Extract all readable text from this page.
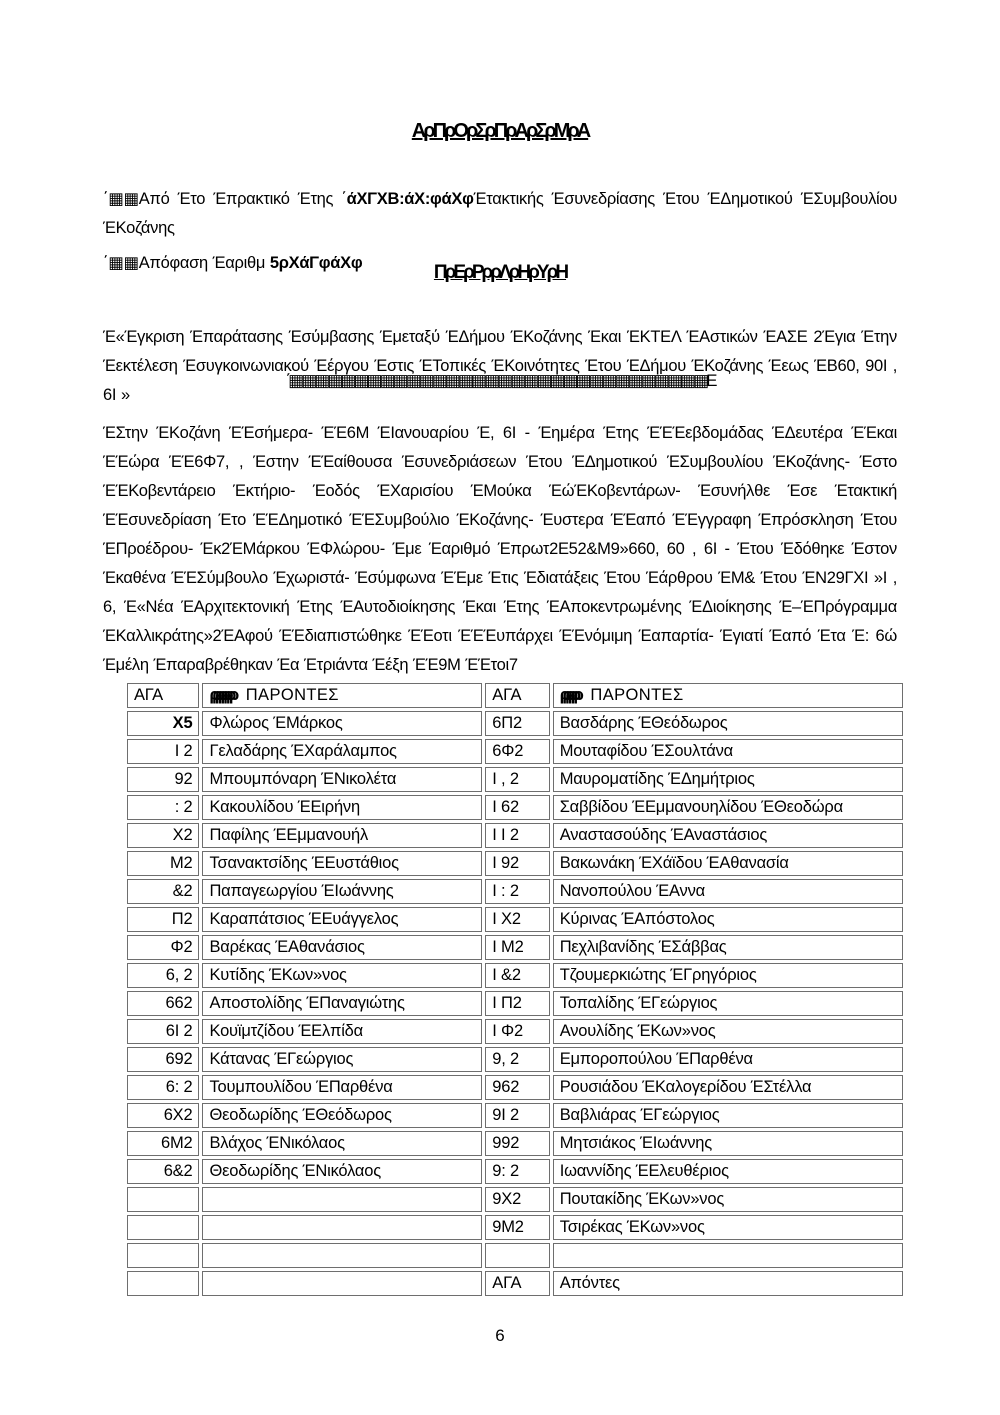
ΑρΠρΟρΣρΠρΑρΣρΜρΑ

΄▦▦Από Έτο Έπρακτικό Έτης ΄άΧΓΧΒ:άΧ:φάΧφΈτακτικής Έσυνεδρίασης Έτου ΈΔημοτικού ΈΣυμβουλίου ΈΚοζάνης

΄▦▦Απόφαση Έαριθμ 5ρΧάΓφάΧφ	ΠρΕρΡρρΛρΗρΥρΗ

Έ«Έγκριση Έπαράτασης Έσύμβασης Έμεταξύ ΈΔήμου ΈΚοζάνης Έκαι ΈΚΤΕΛ ΈΑστικών ΈΑΣΕ 2Έγια Έτην Έεκτέλεση Έσυγκοινωνιακού Έέργου Έστις ΈΤοπικές ΈΚοινότητες Έτου ΈΔήμου ΈΚοζάνης Έεως ΈΒ60, 90Ι , 6Ι »

΄▦▦▦▦▦▦▦▦▦▦▦▦▦▦▦▦▦▦▦▦▦▦▦▦▦▦▦▦▦▦▦▦Ε

ΈΣτην ΈΚοζάνη ΈΈσήμερα- ΈΈ6Μ ΈΙανουαρίου Έ, 6Ι - Έημέρα Έτης ΈΈΈεβδομάδας ΈΔευτέρα ΈΈκαι ΈΈώρα ΈΈ6Φ7, , Έστην ΈΈαίθουσα Έσυνεδριάσεων Έτου ΈΔημοτικού ΈΣυμβουλίου ΈΚοζάνης- Έστο ΈΈΚοβεντάρειο Έκτήριο- Έοδός ΈΧαρισίου ΈΜούκα ΈώΈΚοβεντάρων- Έσυνήλθε Έσε Έτακτική ΈΈσυνεδρίαση Έτο ΈΈΔημοτικό ΈΈΣυμβούλιο ΈΚοζάνης- Έυστερα ΈΈαπό ΈΈγγραφη Έπρόσκληση Έτου ΈΠροέδρου- Έκ2ΈΜάρκου ΈΦλώρου- Έμε Έαριθμό Έπρωτ2Ε52&Μ9»660, 60 , 6Ι - Έτου Έδόθηκε Έστον Έκαθένα ΈΈΣύμβουλο Έχωριστά- Έσύμφωνα ΈΈμε Έτις Έδιατάξεις Έτου Έάρθρου ΈΜ& Έτου ΈΝ29ΓΧΙ »Ι , 6, Έ«Νέα ΈΑρχιτεκτονική Έτης ΈΑυτοδιοίκησης Έκαι Έτης ΈΑποκεντρωμένης ΈΔιοίκησης Έ–ΈΠρόγραμμα ΈΚαλλικράτης»2ΈΑφού ΈΈδιαπιστώθηκε ΈΈοτι ΈΈΈυπάρχει ΈΈνόμιμη Έαπαρτία- Έγιατί Έαπό Έτα Έ: 6ώ Έμέλη Έπαραβρέθηκαν Έα Έτριάντα Έέξη ΈΈ9Μ ΈΈτοι7

ΑΓΑ	ρρρρρρρρ ΠΑΡΟΝΤΕΣ	ΑΓΑ	ρρρρρρ ΠΑΡΟΝΤΕΣ
Χ5	Φλώρος ΈΜάρκος	6Π2	Βασδάρης ΈΘεόδωρος
Ι 2	Γελαδάρης ΈΧαράλαμπος	6Φ2	Μουταφίδου ΈΣουλτάνα
92	Μπουμπόναρη ΈΝικολέτα	Ι , 2	Μαυροματίδης ΈΔημήτριος
: 2	Κακουλίδου ΈΕιρήνη	Ι 62	Σαββίδου ΈΕμμανουηλίδου ΈΘεοδώρα
Χ2	Παφίλης ΈΕμμανουήλ	Ι Ι 2	Αναστασούδης ΈΑναστάσιος
Μ2	Τσανακτσίδης ΈΕυστάθιος	Ι 92	Βακωνάκη ΈΧάϊδου ΈΑθανασία
&2	Παπαγεωργίου ΈΙωάννης	Ι : 2	Νανοπούλου ΈΑννα
Π2	Καραπάτσιος ΈΕυάγγελος	Ι Χ2	Κύρινας ΈΑπόστολος
Φ2	Βαρέκας ΈΑθανάσιος	Ι Μ2	Πεχλιβανίδης ΈΣάββας
6, 2	Κυτίδης ΈΚων»νος	Ι &2	Τζουμερκιώτης ΈΓρηγόριος
662	Αποστολίδης ΈΠαναγιώτης	Ι Π2	Τοπαλίδης ΈΓεώργιος
6Ι 2	Κουϊμτζίδου ΈΕλπίδα	Ι Φ2	Ανουλίδης ΈΚων»νος
692	Κάτανας ΈΓεώργιος	9, 2	Εμποροπούλου ΈΠαρθένα
6: 2	Τουμπουλίδου ΈΠαρθένα	962	Ρουσιάδου ΈΚαλογερίδου ΈΣτέλλα
6Χ2	Θεοδωρίδης ΈΘεόδωρος	9Ι 2	Βαβλιάρας ΈΓεώργιος
6Μ2	Βλάχος ΈΝικόλαος	992	Μητσιάκος ΈΙωάννης
6&2	Θεοδωρίδης ΈΝικόλαος	9: 2	Ιωαννίδης ΈΕλευθέριος
		9Χ2	Πουτακίδης ΈΚων»νος
		9Μ2	Τσιρέκας ΈΚων»νος

		ΑΓΑ	Απόντες
6
